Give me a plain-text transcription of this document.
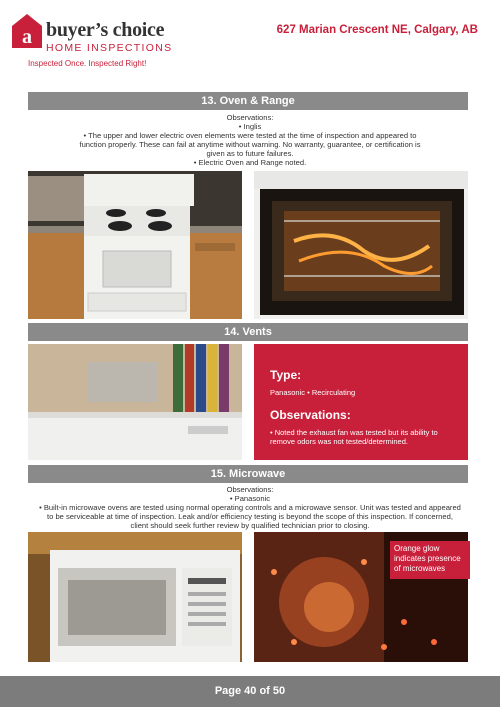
a buyer’s choice
HOME INSPECTIONS
Inspected Once. Inspected Right!
627 Marian Crescent NE, Calgary, AB
13. Oven & Range
Observations:
• Inglis
• The upper and lower electric oven elements were tested at the time of inspection and appeared to
function properly. These can fail at anytime without warning. No warranty, guarantee, or certification is
given as to future failures.
• Electric Oven and Range noted.
14. Vents
Type:
Panasonic • Recirculating
Observations:
• Noted the exhaust fan was tested but its ability to remove odors was not tested/determined.
15. Microwave
Observations:
• Panasonic
• Built-in microwave ovens are tested using normal operating controls and a microwave sensor. Unit was tested and appeared
to be serviceable at time of inspection. Leak and/or efficiency testing is beyond the scope of this inspection. If concerned,
client should seek further review by qualified technician prior to closing.
Orange glow indicates presence of microwaves
Page 40 of 50
